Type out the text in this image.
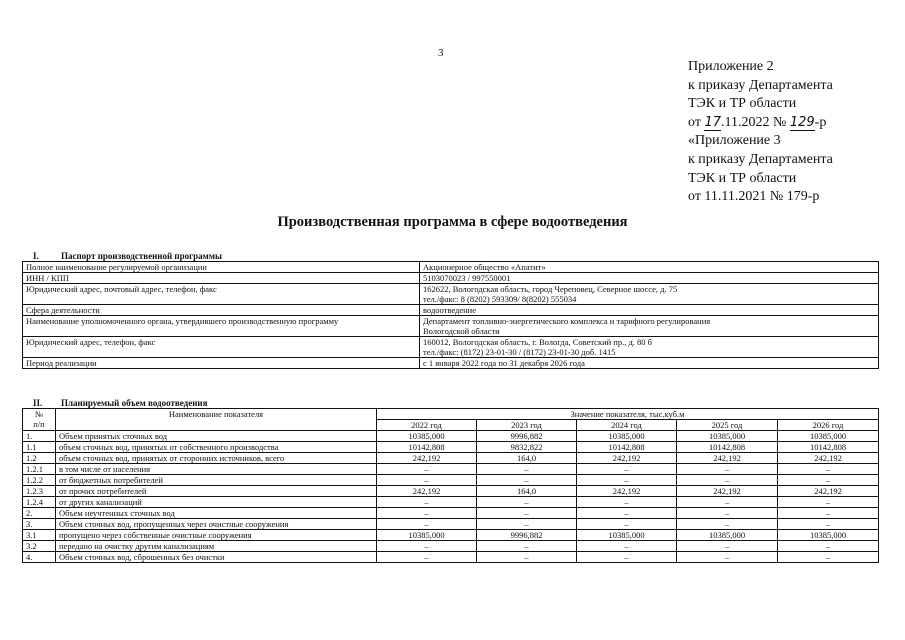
3
Приложение 2
к приказу Департамента
ТЭК и ТР области
от 17.11.2022 № 129-р
«Приложение 3
к приказу Департамента
ТЭК и ТР области
от 11.11.2021 № 179-р
Производственная программа в сфере водоотведения
I. Паспорт производственной программы
Полное наименование регулируемой организации	Акционерное общество «Апатит»

ИНН / КПП	5103070023 / 997550001

Юридический адрес, почтовый адрес, телефон, факс	162622, Вологодская область, город Череповец, Северное шоссе, д. 75
тел./факс: 8 (8202) 593309/ 8(8202) 555034

Сфера деятельности	водоотведение

Наименование уполномоченного органа, утвердившего производственную программу	Департамент топливно-энергетического комплекса и тарифного регулирования
Вологодской области

Юридический адрес, телефон, факс	160012, Вологодская область, г. Вологда, Советский пр., д. 80 б
тел./факс: (8172) 23-01-30 / (8172) 23-01-30 доб. 1415

Период реализации	с 1 января 2022 года по 31 декабря 2026 года
II. Планируемый объем водоотведения
№
п/п	Наименование показателя	Значение показателя, тыс.куб.м				
		2022 год	2023 год	2024 год	2025 год	2026 год
1.	Объем принятых сточных вод	10385,000	9996,882	10385,000	10385,000	10385,000
1.1	объем сточных вод, принятых от собственного производства	10142,808	9832,822	10142,808	10142,808	10142,808
1.2	объем сточных вод, принятых от сторонних источников, всего	242,192	164,0	242,192	242,192	242,192
1.2.1	в том числе от населения	–	–	–	–	–
1.2.2	от бюджетных потребителей	–	–	–	–	–
1.2.3	от прочих потребителей	242,192	164,0	242,192	242,192	242,192
1.2.4	от других канализаций	–	–	–	–	–
2.	Объем неучтенных сточных вод	–	–	–	–	–
3.	Объем сточных вод, пропущенных через очистные сооружения	–	–	–	–	–
3.1	пропущено через собственные очистные сооружения	10385,000	9996,882	10385,000	10385,000	10385,000
3.2	передано на очистку другим канализациям	–	–	–	–	–
4.	Объем сточных вод, сброшенных без очистки	–	–	–	–	–
